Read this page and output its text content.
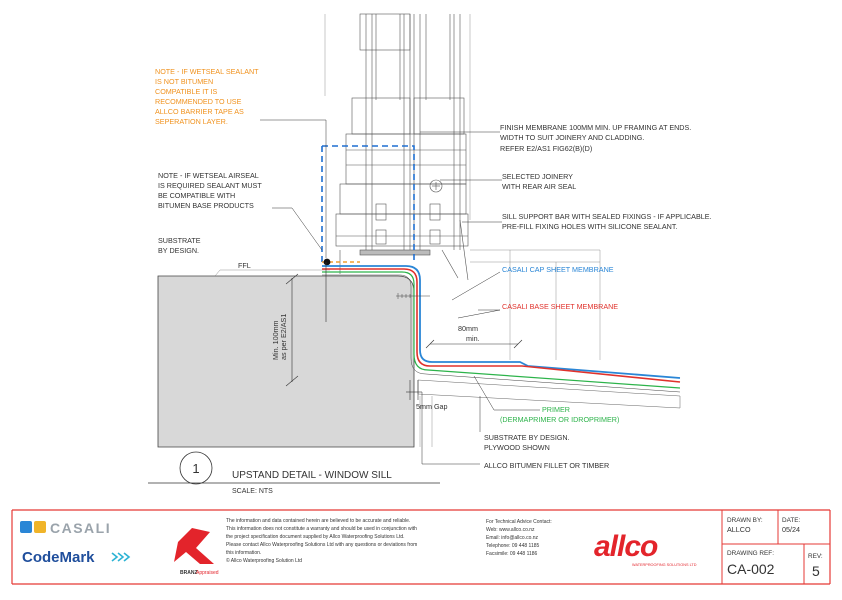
Min. 100mm as per E2/AS1	80mm
min.
5mm Gap
NOTE - IF WETSEAL SEALANT
IS NOT BITUMEN
COMPATIBLE IT IS
RECOMMENDED TO USE
ALLCO BARRIER TAPE AS
SEPERATION LAYER.
NOTE - IF WETSEAL AIRSEAL
IS REQUIRED SEALANT MUST
BE COMPATIBLE WITH
BITUMEN BASE PRODUCTS
SUBSTRATE
BY DESIGN.
FFL
FINISH MEMBRANE 100MM MIN. UP FRAMING AT ENDS.
WIDTH TO SUIT JOINERY AND CLADDING.
REFER E2/AS1 FIG62(B)(D)
SELECTED JOINERY
WITH REAR AIR SEAL
SILL SUPPORT BAR WITH SEALED FIXINGS - IF APPLICABLE.
PRE-FILL FIXING HOLES WITH SILICONE SEALANT.
CASALI CAP SHEET MEMBRANE
CASALI BASE SHEET MEMBRANE
PRIMER
(DERMAPRIMER OR IDROPRIMER)
SUBSTRATE BY DESIGN.
PLYWOOD SHOWN
ALLCO BITUMEN FILLET OR TIMBER
1	UPSTAND DETAIL - WINDOW SILL
SCALE: NTS
CASALI
CodeMark
BRANZ
Appraised
The information and data contained herein are believed to be accurate and reliable.
This information does not constitute a warranty and should be used in conjunction with
the project specification document supplied by Allco Waterproofing Solutions Ltd.
Please contact Allco Waterproofing Solutions Ltd with any questions or deviations from
this information.
© Allco Waterproofing Solution Ltd
For Technical Advice Contact:
Web: www.allco.co.nz
Email: info@allco.co.nz
Telephone: 09 448 1185
Facsimile: 09 448 1186 allco
WATERPROOFING SOLUTIONS LTD
DRAWN BY:
ALLCO
DATE:
05/24
DRAWING REF:
CA-002
REV:
5
